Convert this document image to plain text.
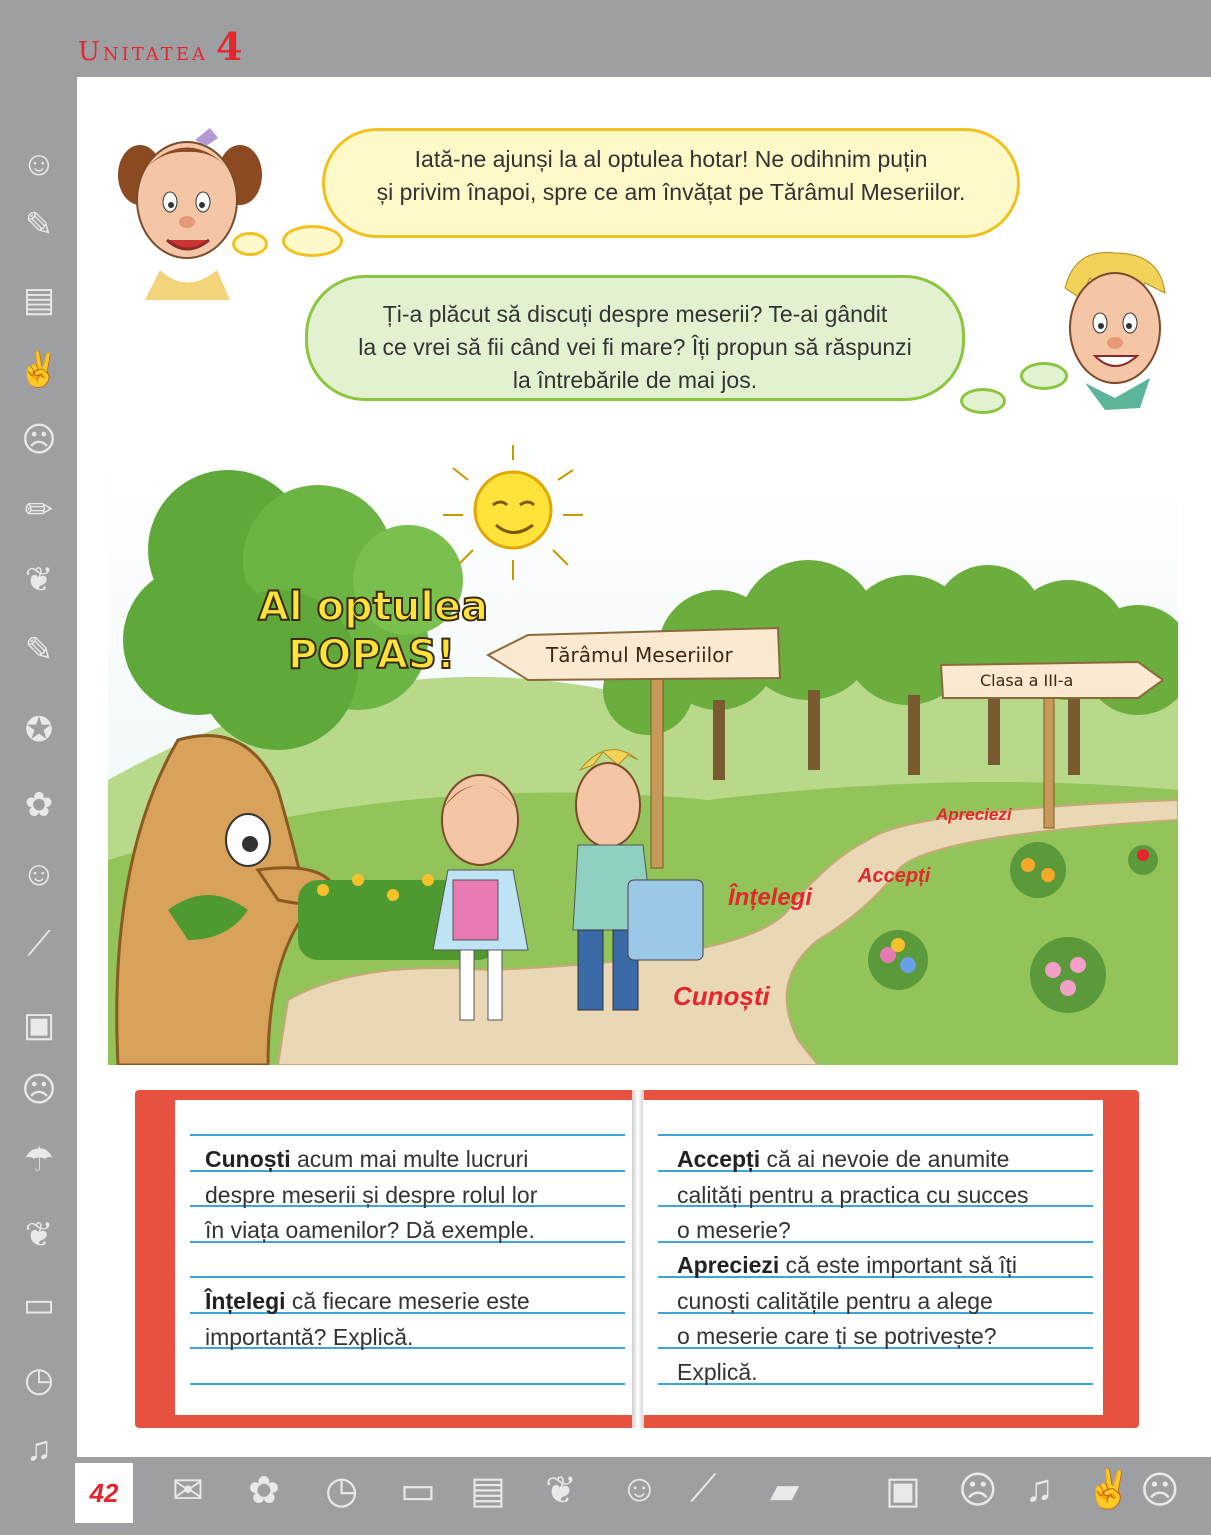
Unitatea 4
☺
✎
▤
✌
☹
✏
❦
✎
✪
✿
☺
⟋
▣
☹
☂
❦
▭
◷
♫
✉ ✿ ◷ ▭ ▤ ❦ ☺ ⟋ ▰ ▣ ☹ ♫ ✌ ☹
42
Iată-ne ajunși la al optulea hotar! Ne odihnim puțin
și privim înapoi, spre ce am învățat pe Tărâmul Meseriilor.
Ți-a plăcut să discuți despre meserii? Te-ai gândit
la ce vrei să fii când vei fi mare? Îți propun să răspunzi
la întrebările de mai jos.
Al optulea
POPAS!	Tărâmul Meseriilor
Clasa a III-a
Cunoști
Înțelegi
Accepți
Apreciezi
Cunoști acum mai multe lucruri
despre meserii și despre rolul lor
în viața oamenilor? Dă exemple.
Înțelegi că fiecare meserie este
importantă? Explică.
Accepți că ai nevoie de anumite
calități pentru a practica cu succes
o meserie?
Apreciezi că este important să îți
cunoști calitățile pentru a alege
o meserie care ți se potrivește?
Explică.
